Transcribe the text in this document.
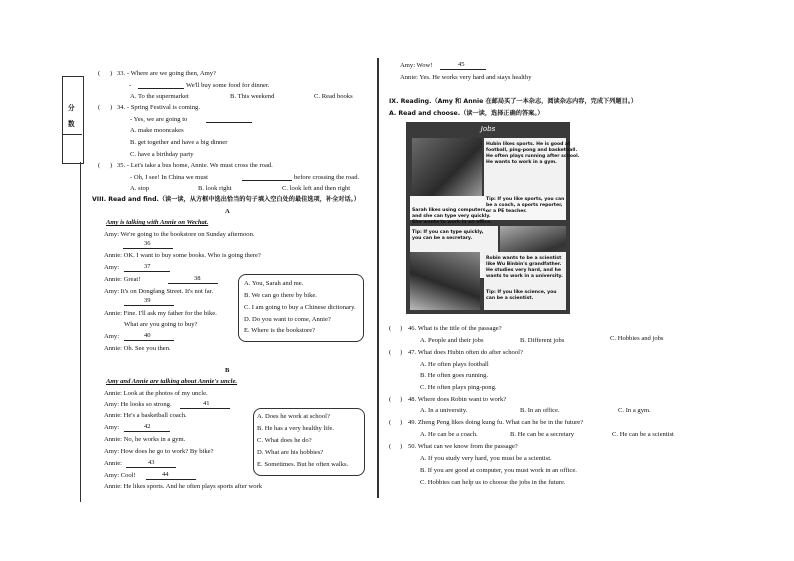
分
数
( ) 33. - Where are we going then, Amy?
-	We'll buy some food for dinner.
A. To the supermarket	B. This weekend	C. Read books
( ) 34. - Spring Festival is coming.
- Yes, we are going to
A. make mooncakes
B. get together and have a big dinner
C. have a birthday party
( ) 35. - Let's take a bus home, Annie. We must cross the road.
- Oh, I see! In China we must	before crossing the road.
A. stop	B. look right	C. look left and then right
VIII. Read and find.（读一读，从方框中选出恰当的句子填入空白处的最佳选项，补全对话。）
A
Amy is talking with Annie on Wechat.
Amy: We're going to the bookstore on Sunday afternoon.
36
Annie: OK. I want to buy some books. Who is going there?
Amy:	37
Annie: Great!	38
Amy: It's on Dongfang Street. It's not far.
39
Annie: Fine. I'll ask my father for the bike.
What are you going to buy?
Amy:	40
Annie: Oh. See you then.
A. You, Sarah and me.
B. We can go there by bike.
C. I am going to buy a Chinese dictionary.
D. Do you want to come, Annie?
E. Where is the bookstore?
B
Amy and Annie are talking about Annie's uncle.
Annie: Look at the photos of my uncle.
Amy: He looks so strong.	41
Annie: He's a basketball coach.
Amy:	42
Annie: No, he works in a gym.
Amy: How does he go to work? By bike?
Annie:	43
Amy: Cool!	44
Annie: He likes sports. And he often plays sports after work
A. Does he work at school?
B. He has a very healthy life.
C. What does he do?
D. What are his hobbies?
E. Sometimes. But he often walks.
Amy: Wow!	45
Annie: Yes. He works very hard and stays healthy
IX. Reading.（Amy 和 Annie 在邮局买了一本杂志，阅读杂志内容，完成下列题目。）
A. Read and choose.（读一读，选择正确的答案。）
Jobs
Hubin likes sports. He is good at
football, ping-pong and basketball.
He often plays running after school.
He wants to work in a gym.
Tip: If you like sports, you can
be a coach, a sports reporter,
or a PE teacher.
Sarah likes using computers,
and she can type very quickly.
She wants to work in an office.
Tip: If you can type quickly,
you can be a secretary.
Robin wants to be a scientist
like Wu Binbin's grandfather.
He studies very hard, and he
wants to work in a university.
Tip: If you like science, you
can be a scientist.
( ) 46. What is the title of the passage?
A. People and their jobs	B. Different jobs	C. Hobbies and jobs
( ) 47. What does Hubin often do after school?
A. He often plays football
B. He often goes running.
C. He often plays ping-pong.
( ) 48. Where does Robin want to work?
A. In a university.	B. In an office.	C. In a gym.
( ) 49. Zheng Peng likes doing kung fu. What can he be in the future?
A. He can be a coach.	B. He can be a secretary	C. He can be a scientist
( ) 50. What can we know from the passage?
A. If you study very hard, you must be a scientist.
B. If you are good at computer, you must work in an office.
C. Hobbies can help us to choose the jobs in the future.
